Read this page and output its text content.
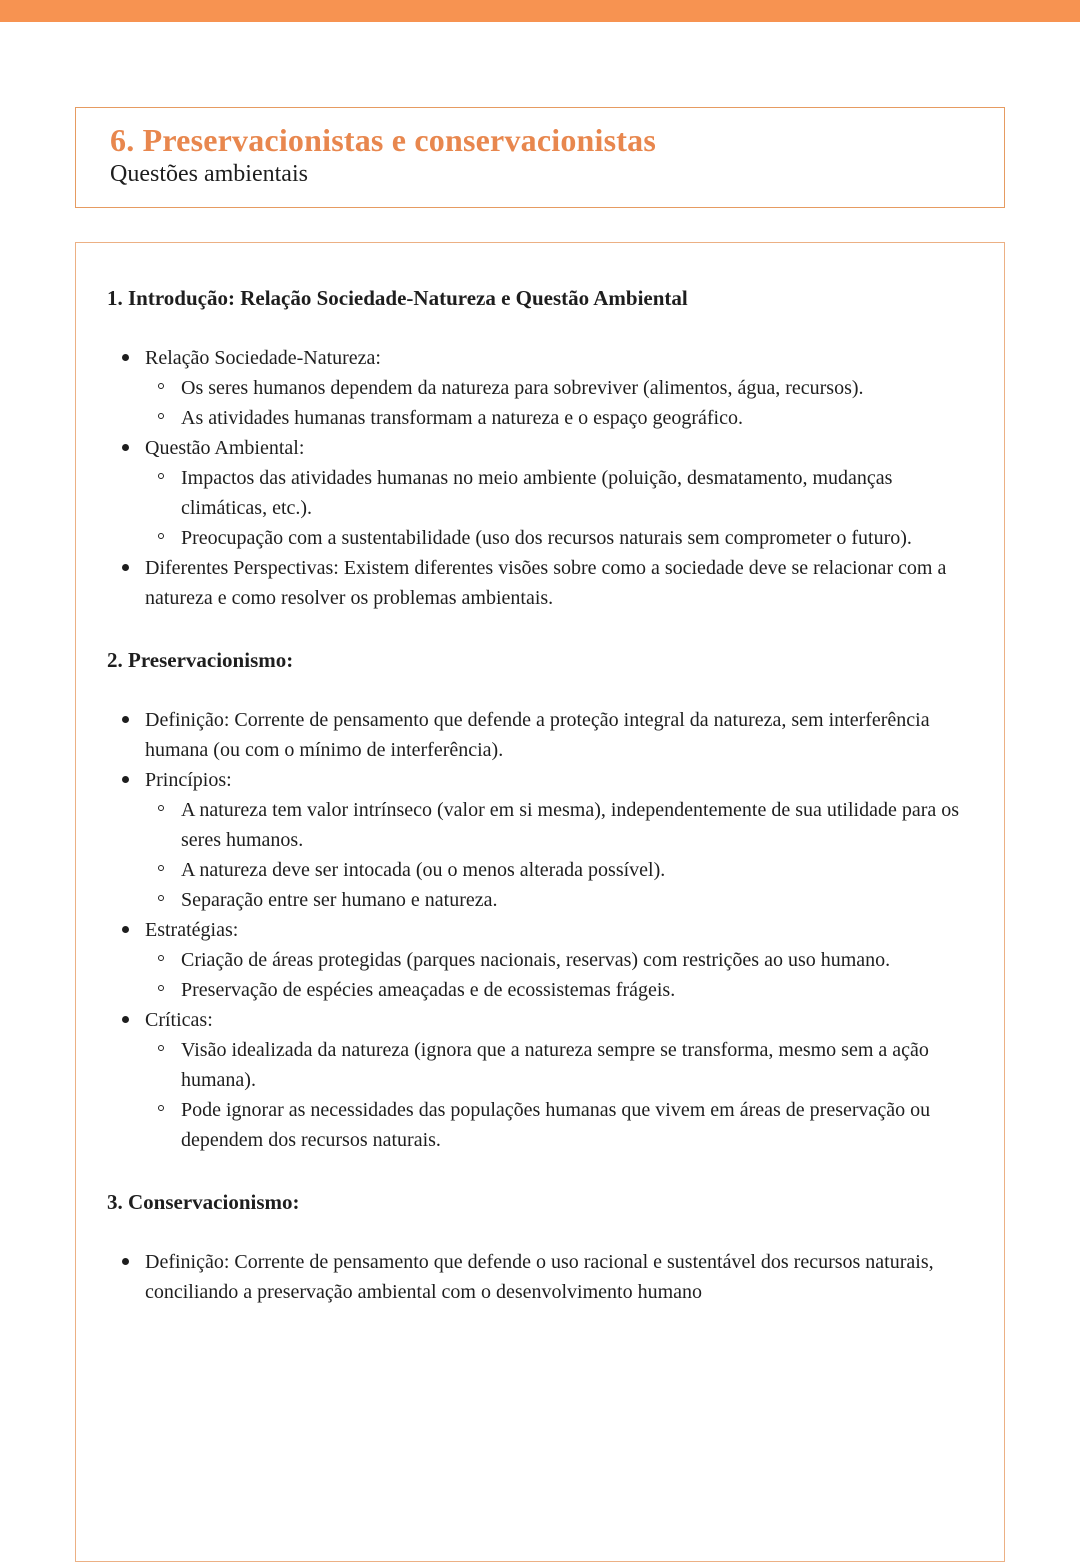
6. Preservacionistas e conservacionistas

Questões ambientais

1. Introdução: Relação Sociedade-Natureza e Questão Ambiental
Relação Sociedade-Natureza:
Os seres humanos dependem da natureza para sobreviver (alimentos, água, recursos).
As atividades humanas transformam a natureza e o espaço geográfico.
Questão Ambiental:
Impactos das atividades humanas no meio ambiente (poluição, desmatamento, mudanças climáticas, etc.).
Preocupação com a sustentabilidade (uso dos recursos naturais sem comprometer o futuro).
Diferentes Perspectivas: Existem diferentes visões sobre como a sociedade deve se relacionar com a natureza e como resolver os problemas ambientais.
2. Preservacionismo:
Definição: Corrente de pensamento que defende a proteção integral da natureza, sem interferência humana (ou com o mínimo de interferência).
Princípios:
A natureza tem valor intrínseco (valor em si mesma), independentemente de sua utilidade para os seres humanos.
A natureza deve ser intocada (ou o menos alterada possível).
Separação entre ser humano e natureza.
Estratégias:
Criação de áreas protegidas (parques nacionais, reservas) com restrições ao uso humano.
Preservação de espécies ameaçadas e de ecossistemas frágeis.
Críticas:
Visão idealizada da natureza (ignora que a natureza sempre se transforma, mesmo sem a ação humana).
Pode ignorar as necessidades das populações humanas que vivem em áreas de preservação ou dependem dos recursos naturais.
3. Conservacionismo:
Definição: Corrente de pensamento que defende o uso racional e sustentável dos recursos naturais, conciliando a preservação ambiental com o desenvolvimento humano
